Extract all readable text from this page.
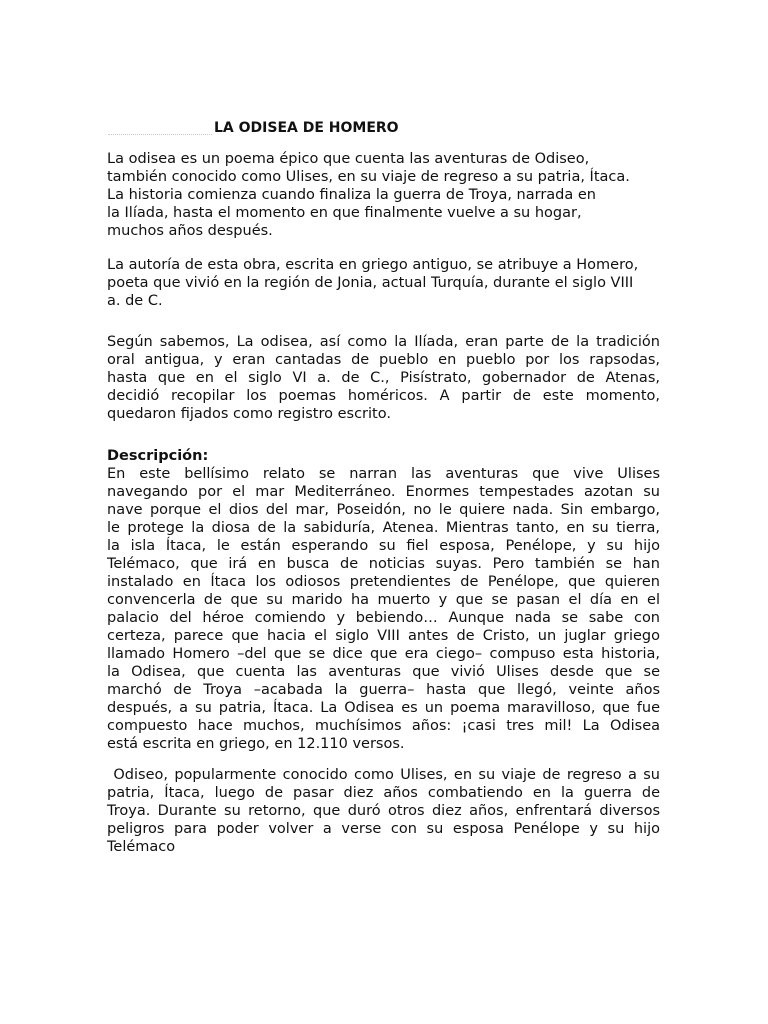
LA ODISEA DE HOMERO
La odisea es un poema épico que cuenta las aventuras de Odiseo,
también conocido como Ulises, en su viaje de regreso a su patria, Ítaca.
La historia comienza cuando finaliza la guerra de Troya, narrada en
la Ilíada, hasta el momento en que finalmente vuelve a su hogar,
muchos años después.
La autoría de esta obra, escrita en griego antiguo, se atribuye a Homero,
poeta que vivió en la región de Jonia, actual Turquía, durante el siglo VIII
a. de C.
Según sabemos, La odisea, así como la Ilíada, eran parte de la tradición
oral antigua, y eran cantadas de pueblo en pueblo por los rapsodas,
hasta que en el siglo VI a. de C., Pisístrato, gobernador de Atenas,
decidió recopilar los poemas homéricos. A partir de este momento,
quedaron fijados como registro escrito.
Descripción:
En este bellísimo relato se narran las aventuras que vive Ulises
navegando por el mar Mediterráneo. Enormes tempestades azotan su
nave porque el dios del mar, Poseidón, no le quiere nada. Sin embargo,
le protege la diosa de la sabiduría, Atenea. Mientras tanto, en su tierra,
la isla Ítaca, le están esperando su fiel esposa, Penélope, y su hijo
Telémaco, que irá en busca de noticias suyas. Pero también se han
instalado en Ítaca los odiosos pretendientes de Penélope, que quieren
convencerla de que su marido ha muerto y que se pasan el día en el
palacio del héroe comiendo y bebiendo… Aunque nada se sabe con
certeza, parece que hacia el siglo VIII antes de Cristo, un juglar griego
llamado Homero –del que se dice que era ciego– compuso esta historia,
la Odisea, que cuenta las aventuras que vivió Ulises desde que se
marchó de Troya –acabada la guerra– hasta que llegó, veinte años
después, a su patria, Ítaca. La Odisea es un poema maravilloso, que fue
compuesto hace muchos, muchísimos años: ¡casi tres mil! La Odisea
está escrita en griego, en 12.110 versos.
Odiseo, popularmente conocido como Ulises, en su viaje de regreso a su
patria, Ítaca, luego de pasar diez años combatiendo en la guerra de
Troya. Durante su retorno, que duró otros diez años, enfrentará diversos
peligros para poder volver a verse con su esposa Penélope y su hijo
Telémaco
